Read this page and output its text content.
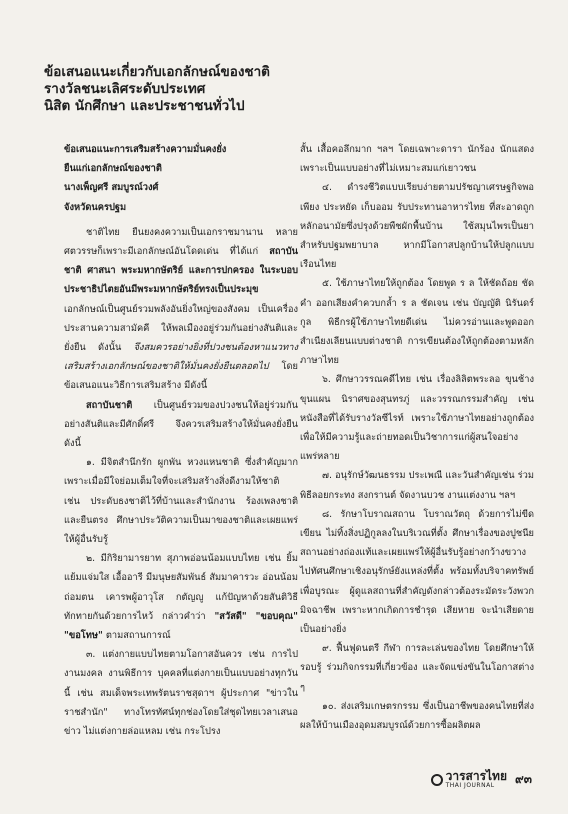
ข้อเสนอแนะเกี่ยวกับเอกลักษณ์ของชาติ
รางวัลชนะเลิศระดับประเทศ
นิสิต นักศึกษา และประชาชนทั่วไป

ข้อเสนอแนะการเสริมสร้างความมั่นคงยั่ง

ยืนแก่เอกลักษณ์ของชาติ

นางเพ็ญศรี สมบูรณ์วงศ์

จังหวัดนครปฐม

ชาติไทย ยืนยงคงความเป็นเอกราชมานาน หลายศตวรรษก็เพราะมีเอกลักษณ์อันโดดเด่น ที่ได้แก่ สถาบันชาติ ศาสนา พระมหากษัตริย์ และการปกครอง ในระบอบประชาธิปไตยอันมีพระมหากษัตริย์ทรงเป็นประมุข เอกลักษณ์เป็นศูนย์รวมพลังอันยิ่งใหญ่ของสังคม เป็นเครื่องประสานความสามัคคี ให้พลเมืองอยู่ร่วมกันอย่างสันติและยั่งยืน ดังนั้น จึงสมควรอย่างยิ่งที่ปวงชนต้องหาแนวทางเสริมสร้างเอกลักษณ์ของชาติให้มั่นคงยั่งยืนตลอดไป โดยข้อเสนอแนะวิธีการเสริมสร้าง มีดังนี้

สถาบันชาติ เป็นศูนย์รวมของปวงชนให้อยู่ร่วมกันอย่างสันติและมีศักดิ์ศรี จึงควรเสริมสร้างให้มั่นคงยั่งยืน ดังนี้

๑. มีจิตสำนึกรัก ผูกพัน หวงแหนชาติ ซึ่งสำคัญมาก เพราะเมื่อมีใจย่อมเต็มใจที่จะเสริมสร้างสิ่งดีงามให้ชาติ เช่น ประดับธงชาติไว้ที่บ้านและสำนักงาน ร้องเพลงชาติและยืนตรง ศึกษาประวัติความเป็นมาของชาติและเผยแพร่ให้ผู้อื่นรับรู้

๒. มีกิริยามารยาท สุภาพอ่อนน้อมแบบไทย เช่น ยิ้มแย้มแจ่มใส เอื้ออารี มีมนุษยสัมพันธ์ สัมมาคารวะ อ่อนน้อมถ่อมตน เคารพผู้อาวุโส กตัญญู แก้ปัญหาด้วยสันติวิธี ทักทายกันด้วยการไหว้ กล่าวคำว่า "สวัสดี" "ขอบคุณ" "ขอโทษ" ตามสถานการณ์

๓. แต่งกายแบบไทยตามโอกาสอันควร เช่น การไปงานมงคล งานพิธีการ บุคคลที่แต่งกายเป็นแบบอย่างทุกวันนี้ เช่น สมเด็จพระเทพรัตนราชสุดาฯ ผู้ประกาศ "ข่าวในราชสำนัก" ทางโทรทัศน์ทุกช่องโดยใส่ชุดไทยเวลาเสนอข่าว ไม่แต่งกายล่อแหลม เช่น กระโปรง

สั้น เสื้อคอลึกมาก ฯลฯ โดยเฉพาะดารา นักร้อง นักแสดง เพราะเป็นแบบอย่างที่ไม่เหมาะสมแก่เยาวชน

๔. ดำรงชีวิตแบบเรียบง่ายตามปรัชญาเศรษฐกิจพอเพียง ประหยัด เก็บออม รับประทานอาหารไทย ที่สะอาดถูกหลักอนามัยซึ่งปรุงด้วยพืชผักพื้นบ้าน ใช้สมุนไพรเป็นยาสำหรับปฐมพยาบาล หากมีโอกาสปลูกบ้านให้ปลูกแบบเรือนไทย

๕. ใช้ภาษาไทยให้ถูกต้อง โดยพูด ร ล ให้ชัดถ้อย ชัดคำ ออกเสียงคำควบกล้ำ ร ล ชัดเจน เช่น บัญญัติ นิรันดร์กูล พิธีกรผู้ใช้ภาษาไทยดีเด่น ไม่ควรอ่านและพูดออกสำเนียงเลียนแบบต่างชาติ การเขียนต้องให้ถูกต้องตามหลักภาษาไทย

๖. ศึกษาวรรณคดีไทย เช่น เรื่องลิลิตพระลอ ขุนช้างขุนแผน นิราศของสุนทรภู่ และวรรณกรรมสำคัญ เช่น หนังสือที่ได้รับรางวัลซีไรท์ เพราะใช้ภาษาไทยอย่างถูกต้อง เพื่อให้มีความรู้และถ่ายทอดเป็นวิชาการแก่ผู้สนใจอย่างแพร่หลาย

๗. อนุรักษ์วัฒนธรรม ประเพณี และวันสำคัญเช่น ร่วมพิธีลอยกระทง สงกรานต์ จัดงานบวช งานแต่งงาน ฯลฯ

๘. รักษาโบราณสถาน โบราณวัตถุ ด้วยการไม่ขีดเขียน ไม่ทิ้งสิ่งปฏิกูลลงในบริเวณที่ตั้ง ศึกษาเรื่องของปูชนียสถานอย่างถ่องแท้และเผยแพร่ให้ผู้อื่นรับรู้อย่างกว้างขวาง ไปทัศนศึกษาเชิงอนุรักษ์ยังแหล่งที่ตั้ง พร้อมทั้งบริจาคทรัพย์เพื่อบูรณะ ผู้ดูแลสถานที่สำคัญดังกล่าวต้องระมัดระวังพวกมิจฉาชีพ เพราะหากเกิดการชำรุด เสียหาย จะนำเสียดายเป็นอย่างยิ่ง

๙. ฟื้นฟูดนตรี กีฬา การละเล่นของไทย โดยศึกษาให้รอบรู้ ร่วมกิจกรรมที่เกี่ยวข้อง และจัดแข่งขันในโอกาสต่าง ๆ

๑๐. ส่งเสริมเกษตรกรรม ซึ่งเป็นอาชีพของคนไทยที่ส่งผลให้บ้านเมืองอุดมสมบูรณ์ด้วยการซื้อผลิตผล

วารสารไทย
THAI JOURNAL	๙๓
